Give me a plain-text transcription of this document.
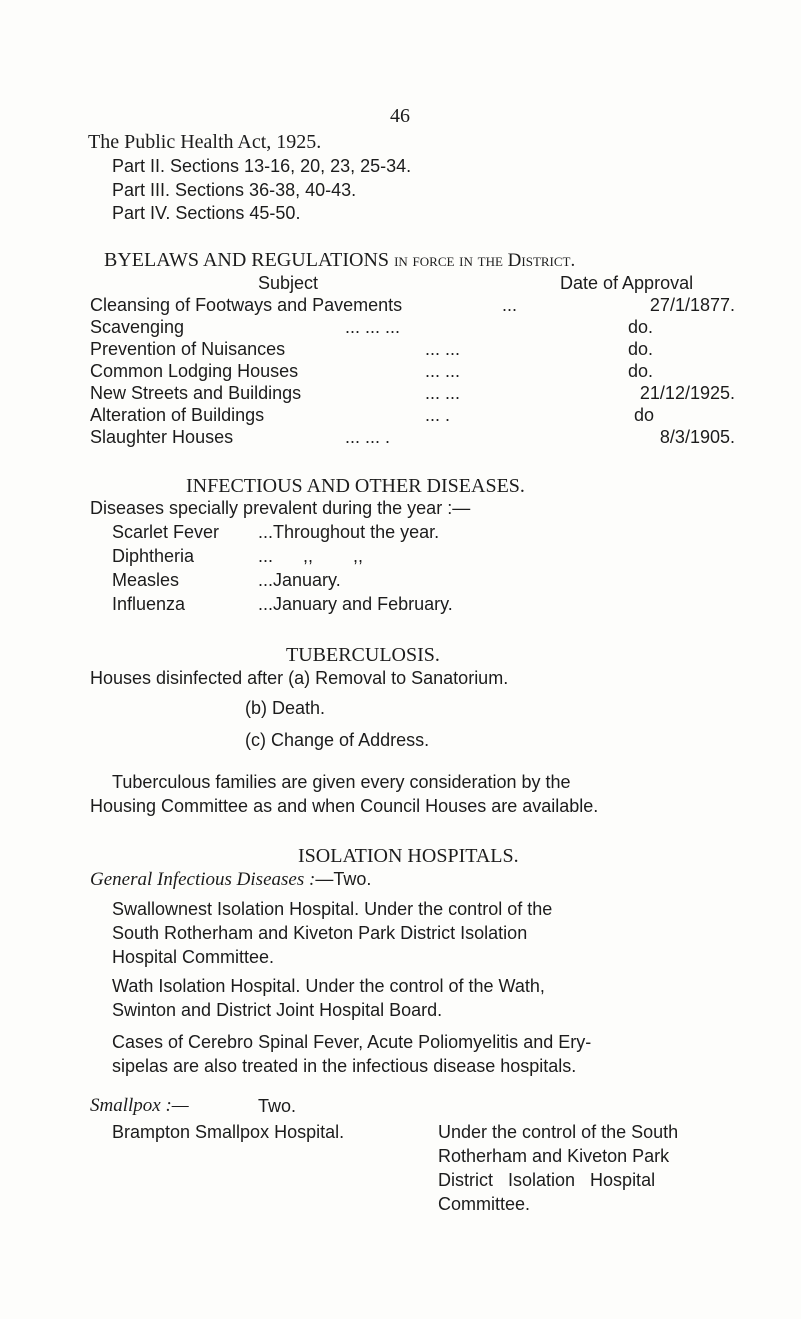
46
The Public Health Act, 1925.
Part II. Sections 13-16, 20, 23, 25-34.
Part III. Sections 36-38, 40-43.
Part IV. Sections 45-50.
BYELAWS AND REGULATIONS in force in the District.
Subject	Date of Approval
Cleansing of Footways and Pavements	...	27/1/1877.
Scavenging	... ... ...	do.
Prevention of Nuisances	... ...	do.
Common Lodging Houses	... ...	do.
New Streets and Buildings	... ...	21/12/1925.
Alteration of Buildings	... .	do
Slaughter Houses	... ... .	8/3/1905.
INFECTIOUS AND OTHER DISEASES.
Diseases specially prevalent during the year :—
Scarlet Fever ...Throughout the year.
Diphtheria	...      ,,        ,,
Measles	...January.
Influenza	...January and February.
TUBERCULOSIS.
Houses disinfected after (a) Removal to Sanatorium.
(b) Death.
(c) Change of Address.
Tuberculous families are given every consideration by the
Housing Committee as and when Council Houses are available.
ISOLATION HOSPITALS.
General Infectious Diseases :—Two.
Swallownest Isolation Hospital. Under the control of the
South Rotherham and Kiveton Park District Isolation
Hospital Committee.
Wath Isolation Hospital. Under the control of the Wath,
Swinton and District Joint Hospital Board.
Cases of Cerebro Spinal Fever, Acute Poliomyelitis and Ery-
sipelas are also treated in the infectious disease hospitals.
Smallpox :—	Two.
Brampton Smallpox Hospital.	Under the control of the South
Rotherham and Kiveton Park
District   Isolation   Hospital
Committee.
